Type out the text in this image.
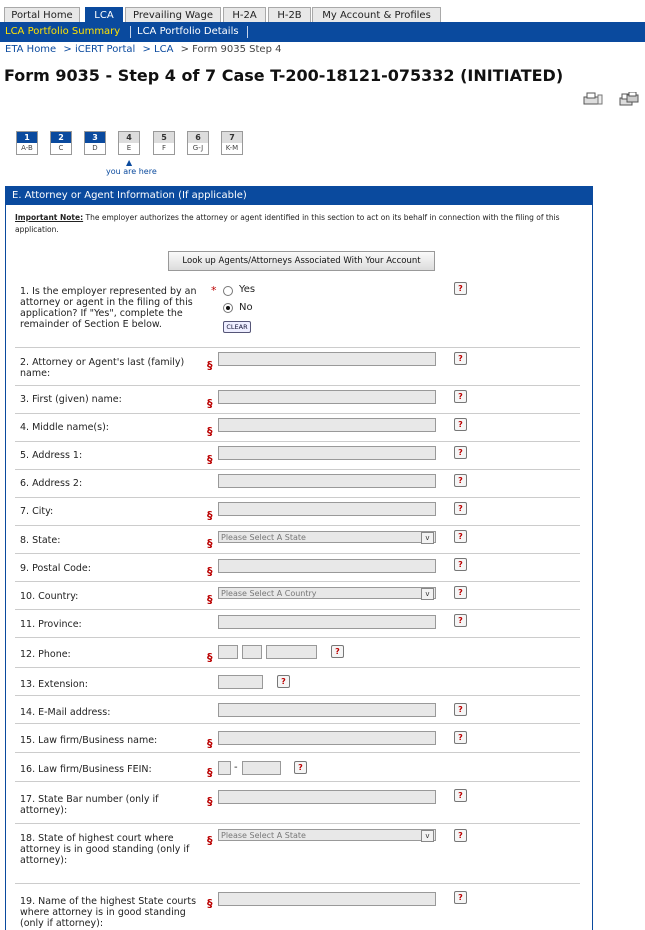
Portal Home	LCA	Prevailing Wage	H-2A	H-2B	My Account & Profiles
LCA Portfolio Summary LCA Portfolio Details
ETA Home > iCERT Portal > LCA > Form 9035 Step 4
Form 9035 - Step 4 of 7 Case T-200-18121-075332 (INITIATED)
1
A-B
2
C
3
D
4
E
5
F
6
G-J
7
K-M
▲
you are here
E. Attorney or Agent Information (If applicable)
Important Note: The employer authorizes the attorney or agent identified in this section to act on its behalf in connection with the filing of this application.
Look up Agents/Attorneys Associated With Your Account
1. Is the employer represented by an attorney or agent in the filing of this application? If "Yes", complete the remainder of Section E below.
* Yes
No
CLEAR
?
2. Attorney or Agent's last (family) name:
§
?
3. First (given) name:	§
?
4. Middle name(s):	§
?
5. Address 1:	§
?
6. Address 2:	?
7. City:	§
?
8. State:	§	Please Select A State	v	?
9. Postal Code:	§
?
10. Country:	§	Please Select A Country	v	?
11. Province:	?
12. Phone:	§	?
13. Extension:	?
14. E-Mail address:	?
15. Law firm/Business name:	§	?
16. Law firm/Business FEIN:	§ -	?
17. State Bar number (only if attorney):
§	?
18. State of highest court where attorney is in good standing (only if attorney):
§	Please Select A State	v	?
19. Name of the highest State courts where attorney is in good standing (only if attorney):
§	?
